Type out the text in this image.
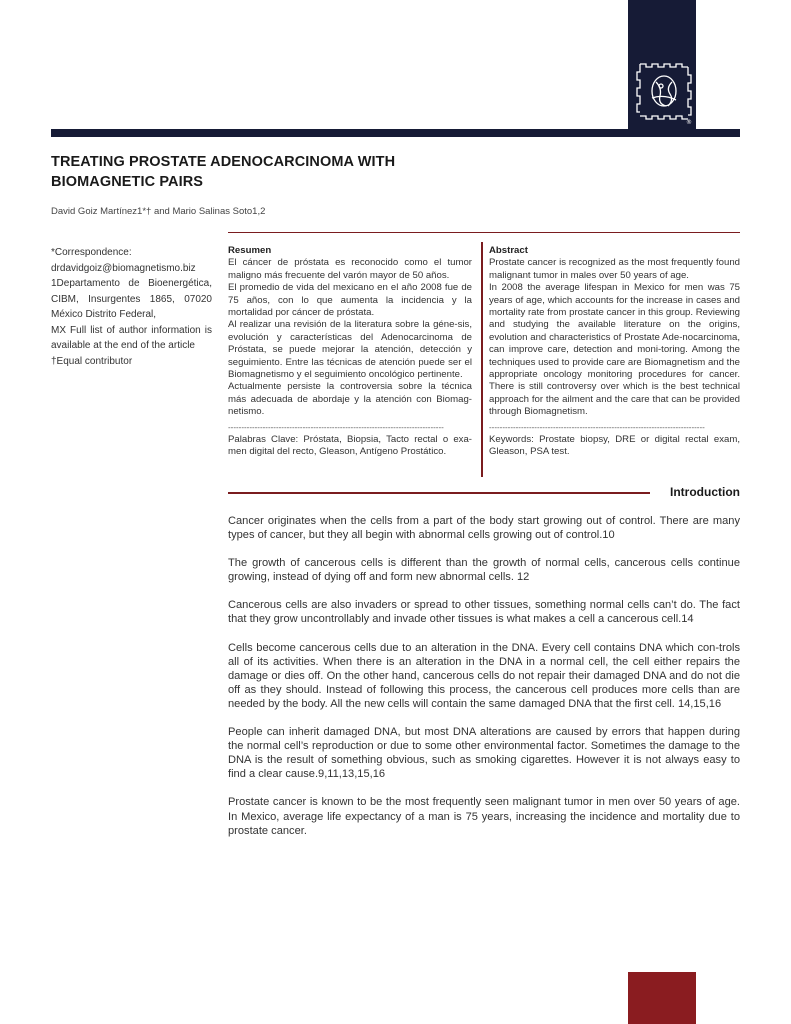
®
TREATING PROSTATE ADENOCARCINOMA WITH BIOMAGNETIC PAIRS
David Goiz Martínez1*† and Mario Salinas Soto1,2
*Correspondence:
drdavidgoiz@biomagnetismo.biz
1Departamento de Bioenergética, CIBM, Insurgentes 1865, 07020 México Distrito Federal,
MX Full list of author information is available at the end of the article
†Equal contributor
Resumen

El cáncer de próstata es reconocido como el tumor maligno más frecuente del varón mayor de 50 años.

El promedio de vida del mexicano en el año 2008 fue de 75 años, con lo que aumenta la incidencia y la mortalidad por cáncer de próstata.

Al realizar una revisión de la literatura sobre la géne-sis, evolución y características del Adenocarcinoma de Próstata, se puede mejorar la atención, detección y seguimiento. Entre las técnicas de atención puede ser el Biomagnetismo y el seguimiento oncológico pertinente.

Actualmente persiste la controversia sobre la técnica más adecuada de abordaje y la atención con Biomag-netismo.

---------------------------------------------------------------------------------

Palabras Clave: Próstata, Biopsia, Tacto rectal o exa-men digital del recto, Gleason, Antígeno Prostático.

Abstract

Prostate cancer is recognized as the most frequently found malignant tumor in males over 50 years of age.

In 2008 the average lifespan in Mexico for men was 75 years of age, which accounts for the increase in cases and mortality rate from prostate cancer in this group. Reviewing and studying the available literature on the origins, evolution and characteristics of Prostate Ade-nocarcinoma, can improve care, detection and moni-toring. Among the techniques used to provide care are Biomagnetism and the appropriate oncology monitoring procedures for cancer. There is still controversy over which is the best technical approach for the ailment and the care that can be provided through Biomagnetism.

---------------------------------------------------------------------------------

Keywords: Prostate biopsy, DRE or digital rectal exam, Gleason, PSA test.

Introduction

Cancer originates when the cells from a part of the body start growing out of control. There are many types of cancer, but they all begin with abnormal cells growing out of control.10

The growth of cancerous cells is different than the growth of normal cells, cancerous cells continue growing, instead of dying off and form new abnormal cells. 12

Cancerous cells are also invaders or spread to other tissues, something normal cells can’t do. The fact that they grow uncontrollably and invade other tissues is what makes a cell a cancerous cell.14

Cells become cancerous cells due to an alteration in the DNA. Every cell contains DNA which con-trols all of its activities. When there is an alteration in the DNA in a normal cell, the cell either repairs the damage or dies off. On the other hand, cancerous cells do not repair their damaged DNA and do not die off as they should. Instead of following this process, the cancerous cell produces more cells than are needed by the body. All the new cells will contain the same damaged DNA that the first cell. 14,15,16

People can inherit damaged DNA, but most DNA alterations are caused by errors that happen during the normal cell’s reproduction or due to some other environmental factor. Sometimes the damage to the DNA is the result of something obvious, such as smoking cigarettes. However it is not always easy to find a clear cause.9,11,13,15,16

Prostate cancer is known to be the most frequently seen malignant tumor in men over 50 years of age. In Mexico, average life expectancy of a man is 75 years, increasing the incidence and mortality due to prostate cancer.
